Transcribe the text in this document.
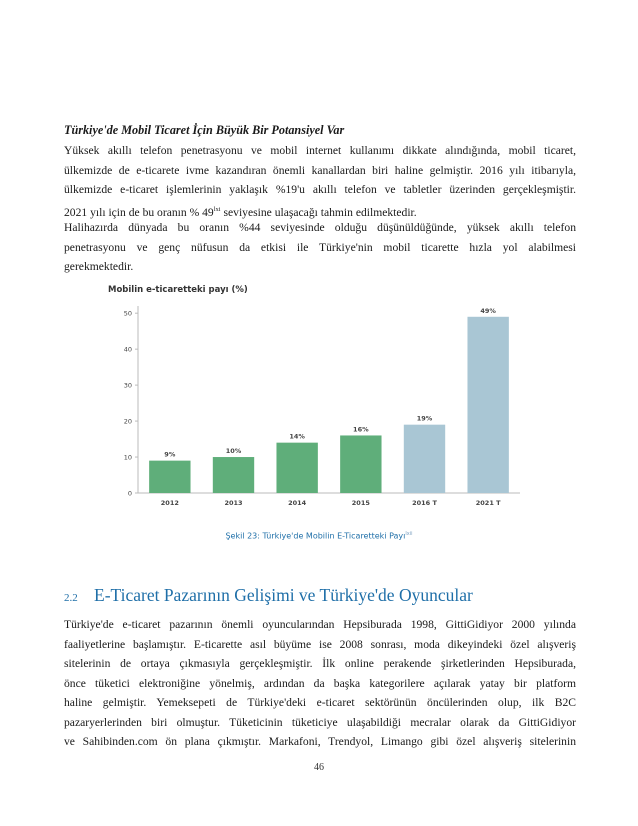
Türkiye'de Mobil Ticaret İçin Büyük Bir Potansiyel Var

Yüksek akıllı telefon penetrasyonu ve mobil internet kullanımı dikkate alındığında, mobil ticaret,

ülkemizde de e-ticarete ivme kazandıran önemli kanallardan biri haline gelmiştir. 2016 yılı itibarıyla,

ülkemizde e-ticaret işlemlerinin yaklaşık %19'u akıllı telefon ve tabletler üzerinden gerçekleşmiştir.

2021 yılı için de bu oranın % 49$^{lxi}$ seviyesine ulaşacağı tahmin edilmektedir.

Halihazırda dünyada bu oranın %44 seviyesinde olduğu düşünüldüğünde, yüksek akıllı telefon

penetrasyonu ve genç nüfusun da etkisi ile Türkiye'nin mobil ticarette hızla yol alabilmesi

gerekmektedir.

Mobilin e-ticaretteki payı (%)
0
10
20
30
40
50
9%
2012
10%
2013
14%
2014
16%
2015
19%
2016 T
49%
2021 T
Şekil 23: Türkiye'de Mobilin E-Ticaretteki Payı$^{lxii}$
2.2 E-Ticaret Pazarının Gelişimi ve Türkiye'de Oyuncular

Türkiye'de e-ticaret pazarının önemli oyuncularından Hepsiburada 1998, GittiGidiyor 2000 yılında

faaliyetlerine başlamıştır. E-ticarette asıl büyüme ise 2008 sonrası, moda dikeyindeki özel alışveriş

sitelerinin de ortaya çıkmasıyla gerçekleşmiştir. İlk online perakende şirketlerinden Hepsiburada,

önce tüketici elektroniğine yönelmiş, ardından da başka kategorilere açılarak yatay bir platform

haline gelmiştir. Yemeksepeti de Türkiye'deki e-ticaret sektörünün öncülerinden olup, ilk B2C

pazaryerlerinden biri olmuştur. Tüketicinin tüketiciye ulaşabildiği mecralar olarak da GittiGidiyor

ve Sahibinden.com ön plana çıkmıştır. Markafoni, Trendyol, Limango gibi özel alışveriş sitelerinin

46
